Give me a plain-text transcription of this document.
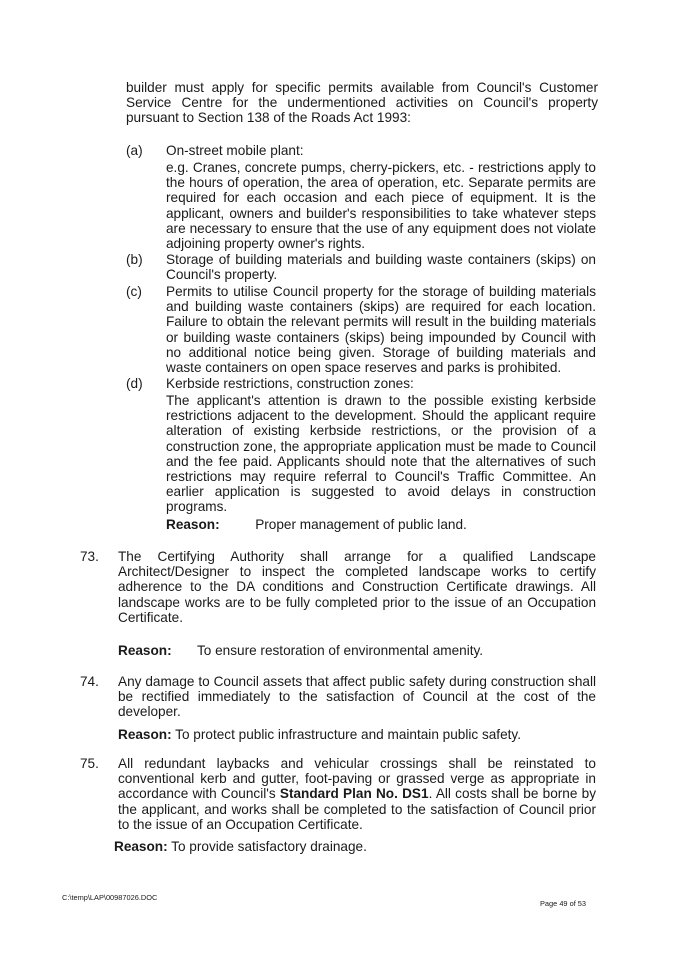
builder must apply for specific permits available from Council's Customer Service Centre for the undermentioned activities on Council's property pursuant to Section 138 of the Roads Act 1993:

(a) On-street mobile plant:

e.g. Cranes, concrete pumps, cherry-pickers, etc. - restrictions apply to the hours of operation, the area of operation, etc. Separate permits are required for each occasion and each piece of equipment. It is the applicant, owners and builder's responsibilities to take whatever steps are necessary to ensure that the use of any equipment does not violate adjoining property owner's rights.

(b) Storage of building materials and building waste containers (skips) on Council's property.

(c) Permits to utilise Council property for the storage of building materials and building waste containers (skips) are required for each location. Failure to obtain the relevant permits will result in the building materials or building waste containers (skips) being impounded by Council with no additional notice being given. Storage of building materials and waste containers on open space reserves and parks is prohibited.

(d) Kerbside restrictions, construction zones:

The applicant's attention is drawn to the possible existing kerbside restrictions adjacent to the development. Should the applicant require alteration of existing kerbside restrictions, or the provision of a construction zone, the appropriate application must be made to Council and the fee paid. Applicants should note that the alternatives of such restrictions may require referral to Council's Traffic Committee. An earlier application is suggested to avoid delays in construction programs.

Reason:	Proper management of public land.
73. The Certifying Authority shall arrange for a qualified Landscape Architect/Designer to inspect the completed landscape works to certify adherence to the DA conditions and Construction Certificate drawings. All landscape works are to be fully completed prior to the issue of an Occupation Certificate.

Reason: To ensure restoration of environmental amenity.
74. Any damage to Council assets that affect public safety during construction shall be rectified immediately to the satisfaction of Council at the cost of the developer.

Reason: To protect public infrastructure and maintain public safety.
75. All redundant laybacks and vehicular crossings shall be reinstated to conventional kerb and gutter, foot-paving or grassed verge as appropriate in accordance with Council's Standard Plan No. DS1. All costs shall be borne by the applicant, and works shall be completed to the satisfaction of Council prior to the issue of an Occupation Certificate.

Reason: To provide satisfactory drainage.
C:\temp\LAP\00987026.DOC
Page 49 of 53
